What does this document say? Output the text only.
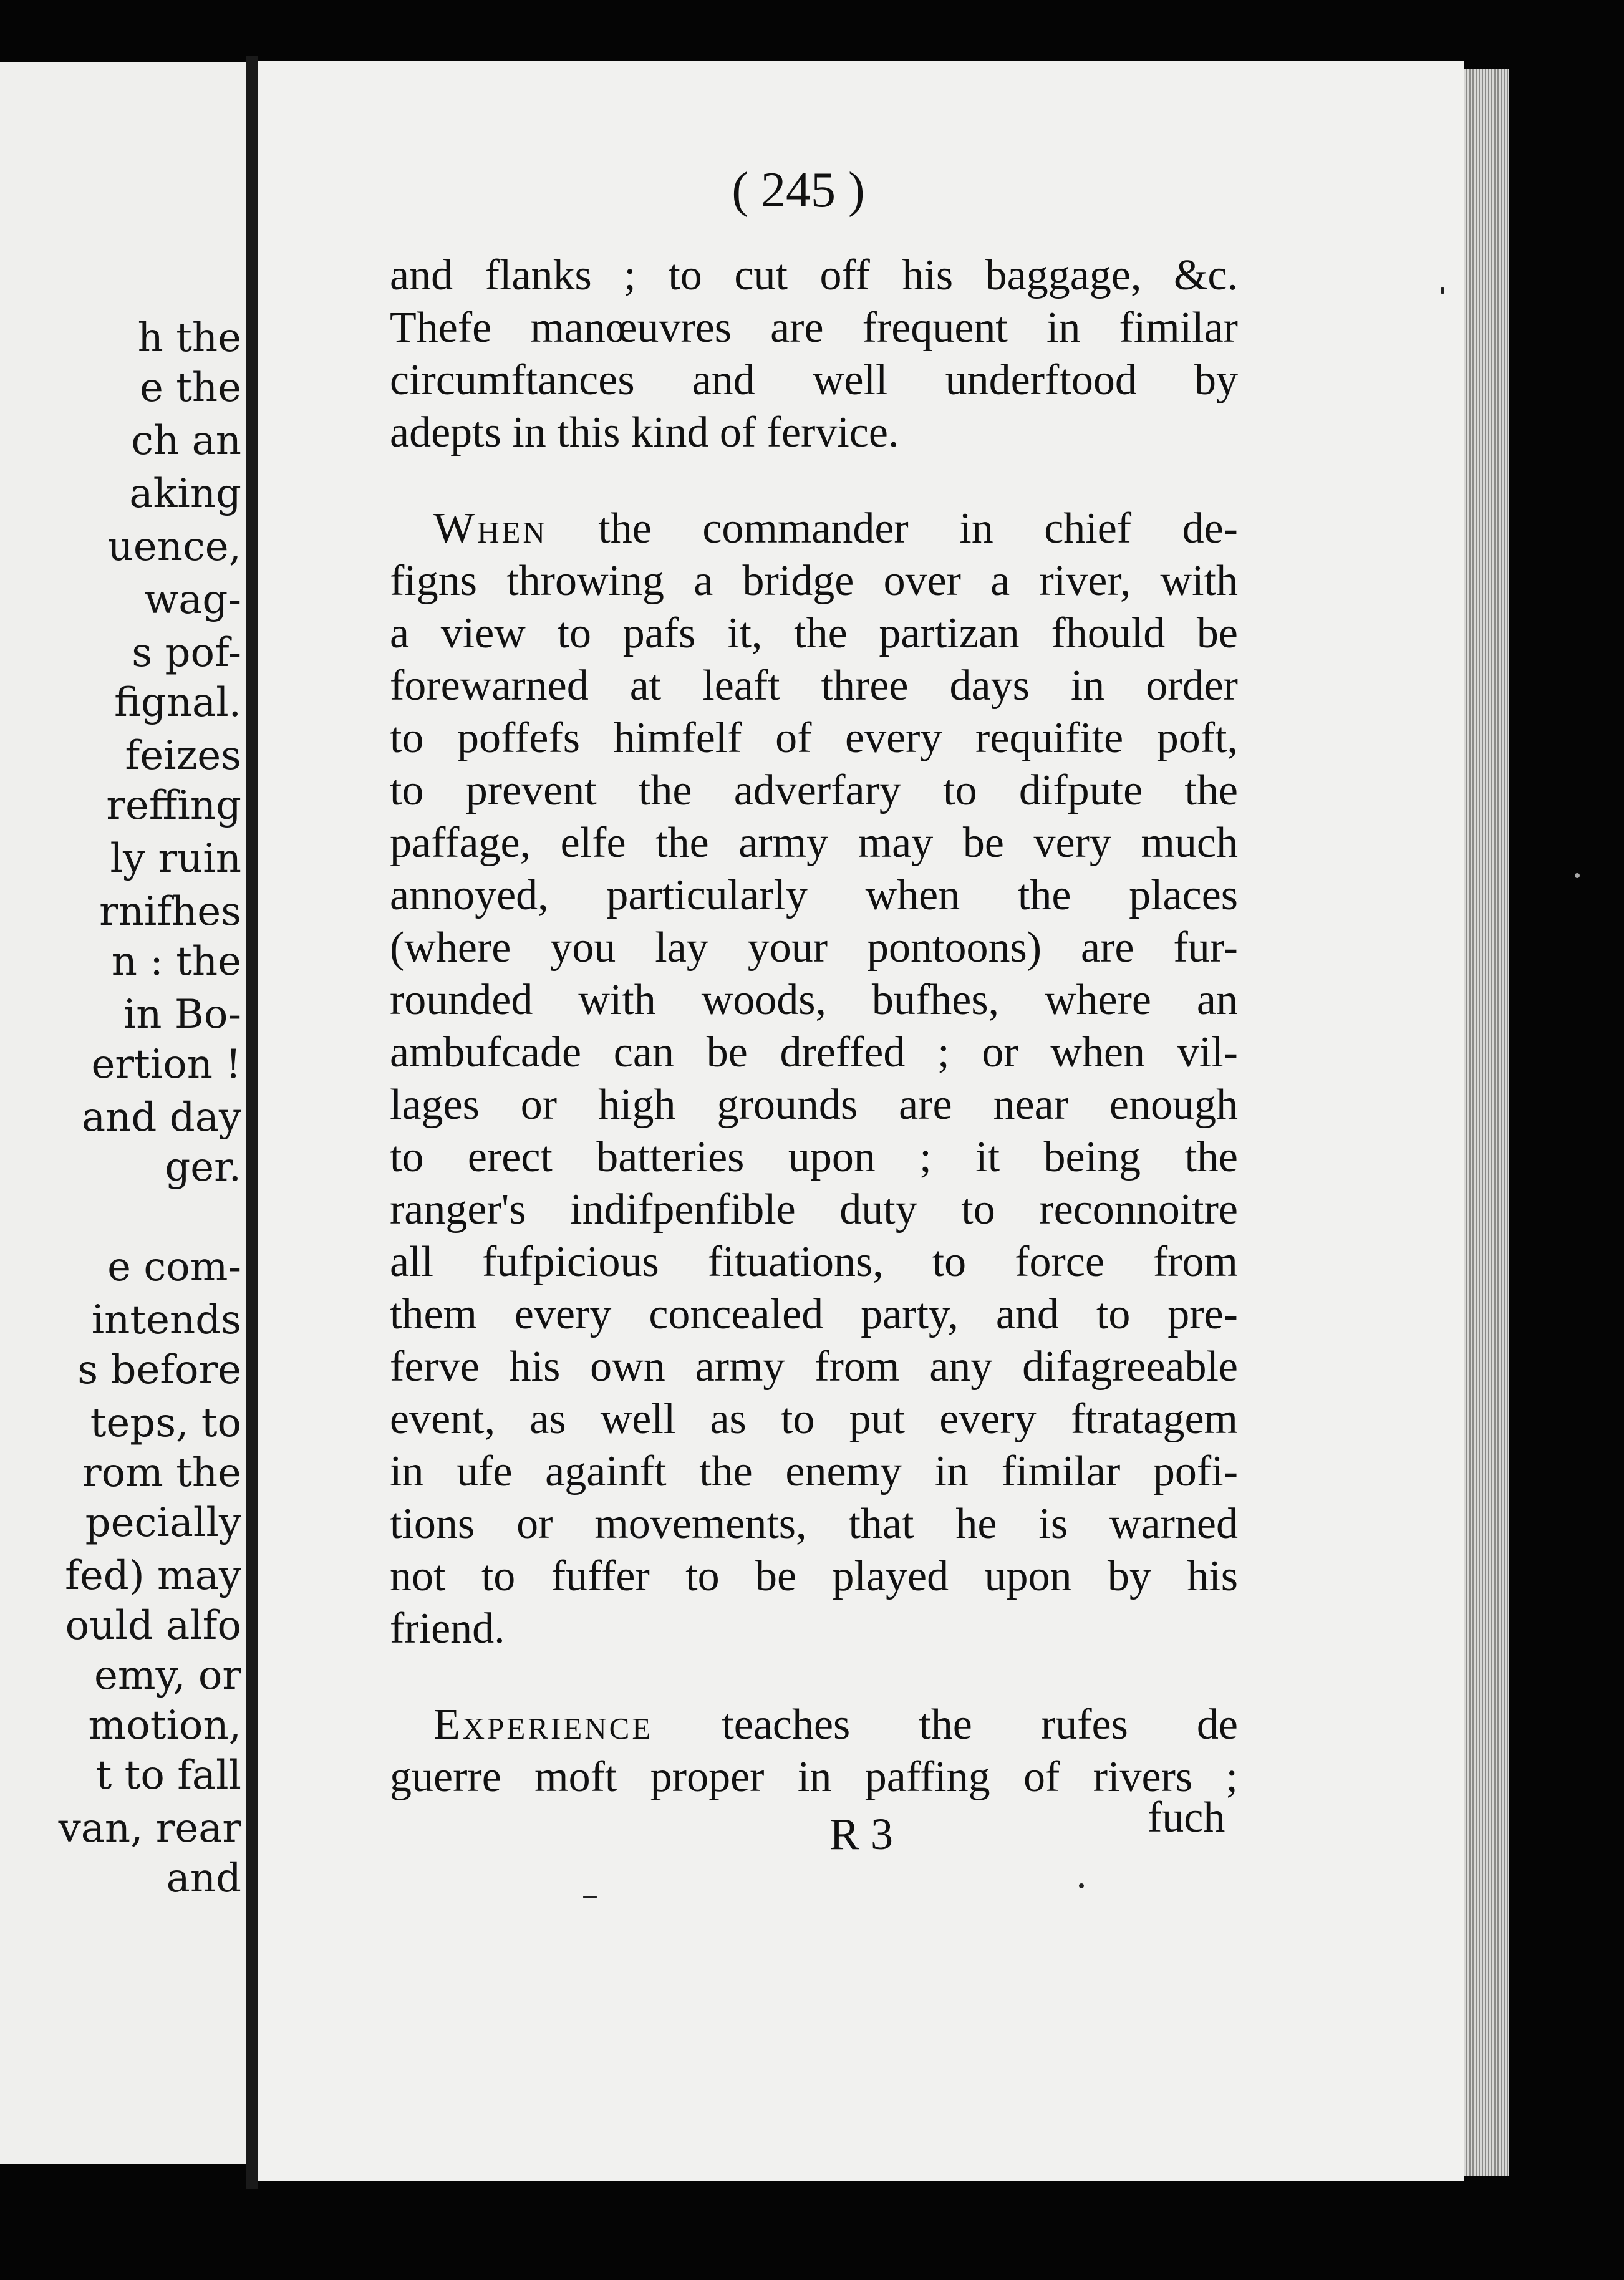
h the
e the
ch an
aking
uence,
wag-
s pof-
fignal.
feizes
reffing
ly ruin
rnifhes
n : the
in Bo-
ertion !
and day
ger.
e com-
intends
s before
teps, to
rom the
pecially
fed) may
ould alfo
emy, or
motion,
t to fall
van, rear
and
( 245 )
and flanks ; to cut off his baggage, &c.
Thefe manœuvres are frequent in fimilar
circumftances and well underftood by
adepts in this kind of fervice.
When the commander in chief de-
figns throwing a bridge over a river, with
a view to pafs it, the partizan fhould be
forewarned at leaft three days in order
to poffefs himfelf of every requifite poft,
to prevent the adverfary to difpute the
paffage, elfe the army may be very much
annoyed, particularly when the places
(where you lay your pontoons) are fur-
rounded with woods, bufhes, where an
ambufcade can be dreffed ; or when vil-
lages or high grounds are near enough
to erect batteries upon ; it being the
ranger's indifpenfible duty to reconnoitre
all fufpicious fituations, to force from
them every concealed party, and to pre-
ferve his own army from any difagreeable
event, as well as to put every ftratagem
in ufe againft the enemy in fimilar pofi-
tions or movements, that he is warned
not to fuffer to be played upon by his
friend.
Experience teaches the rufes de
guerre moft proper in paffing of rivers ;
R 3	fuch
